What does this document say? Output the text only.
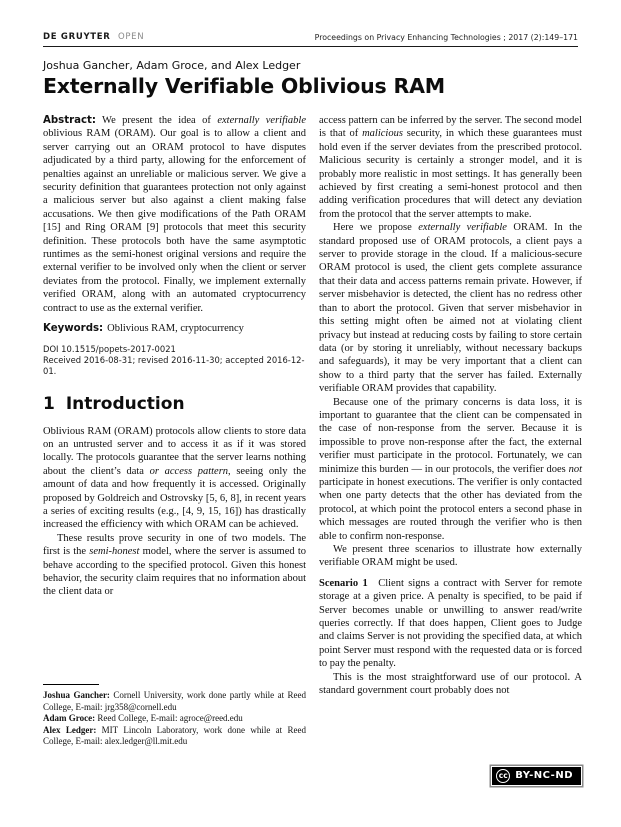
DE GRUYTER OPEN	Proceedings on Privacy Enhancing Technologies ; 2017 (2):149–171
Joshua Gancher, Adam Groce, and Alex Ledger
Externally Verifiable Oblivious RAM
Abstract: We present the idea of externally verifiable oblivious RAM (ORAM). Our goal is to allow a client and server carrying out an ORAM protocol to have disputes adjudicated by a third party, allowing for the enforcement of penalties against an unreliable or malicious server. We give a security definition that guarantees protection not only against a malicious server but also against a client making false accusations. We then give modifications of the Path ORAM [15] and Ring ORAM [9] protocols that meet this security definition. These protocols both have the same asymptotic runtimes as the semi-honest original versions and require the external verifier to be involved only when the client or server deviates from the protocol. Finally, we implement externally verified ORAM, along with an automated cryptocurrency contract to use as the external verifier.
Keywords: Oblivious RAM, cryptocurrency
DOI 10.1515/popets-2017-0021
Received 2016-08-31; revised 2016-11-30; accepted 2016-12-01.
1 Introduction
Oblivious RAM (ORAM) protocols allow clients to store data on an untrusted server and to access it as if it was stored locally. The protocols guarantee that the server learns nothing about the client’s data or access pattern, seeing only the amount of data and how frequently it is accessed. Originally proposed by Goldreich and Ostrovsky [5, 6, 8], in recent years a series of exciting results (e.g., [4, 9, 15, 16]) has drastically increased the efficiency with which ORAM can be achieved.
These results prove security in one of two models. The first is the semi-honest model, where the server is assumed to behave according to the specified protocol. Given this honest behavior, the security claim requires that no information about the client data or
Joshua Gancher: Cornell University, work done partly while at Reed College, E-mail: jrg358@cornell.edu
Adam Groce: Reed College, E-mail: agroce@reed.edu
Alex Ledger: MIT Lincoln Laboratory, work done while at Reed College, E-mail: alex.ledger@ll.mit.edu
access pattern can be inferred by the server. The second model is that of malicious security, in which these guarantees must hold even if the server deviates from the prescribed protocol. Malicious security is certainly a stronger model, and it is probably more realistic in most settings. It has generally been achieved by first creating a semi-honest protocol and then adding verification procedures that will detect any deviation from the protocol that the server attempts to make.
Here we propose externally verifiable ORAM. In the standard proposed use of ORAM protocols, a client pays a server to provide storage in the cloud. If a malicious-secure ORAM protocol is used, the client gets complete assurance that their data and access patterns remain private. However, if server misbehavior is detected, the client has no redress other than to abort the protocol. Given that server misbehavior in this setting might often be aimed not at violating client privacy but instead at reducing costs by failing to store certain data (or by storing it unreliably, without necessary backups and safeguards), it may be very important that a client can show to a third party that the server has failed. Externally verifiable ORAM provides that capability.
Because one of the primary concerns is data loss, it is important to guarantee that the client can be compensated in the case of non-response from the server. Because it is impossible to prove non-response after the fact, the external verifier must participate in the protocol. Fortunately, we can minimize this burden — in our protocols, the verifier does not participate in honest executions. The verifier is only contacted when one party detects that the other has deviated from the protocol, at which point the protocol enters a second phase in which messages are routed through the verifier who is then able to confirm non-response.
We present three scenarios to illustrate how externally verifiable ORAM might be used.
Scenario 1 Client signs a contract with Server for remote storage at a given price. A penalty is specified, to be paid if Server becomes unable or unwilling to answer read/write queries correctly. If that does happen, Client goes to Judge and claims Server is not providing the specified data, at which point Server must respond with the requested data or is forced to pay the penalty.
This is the most straightforward use of our protocol. A standard government court probably does not
cc BY-NC-ND
